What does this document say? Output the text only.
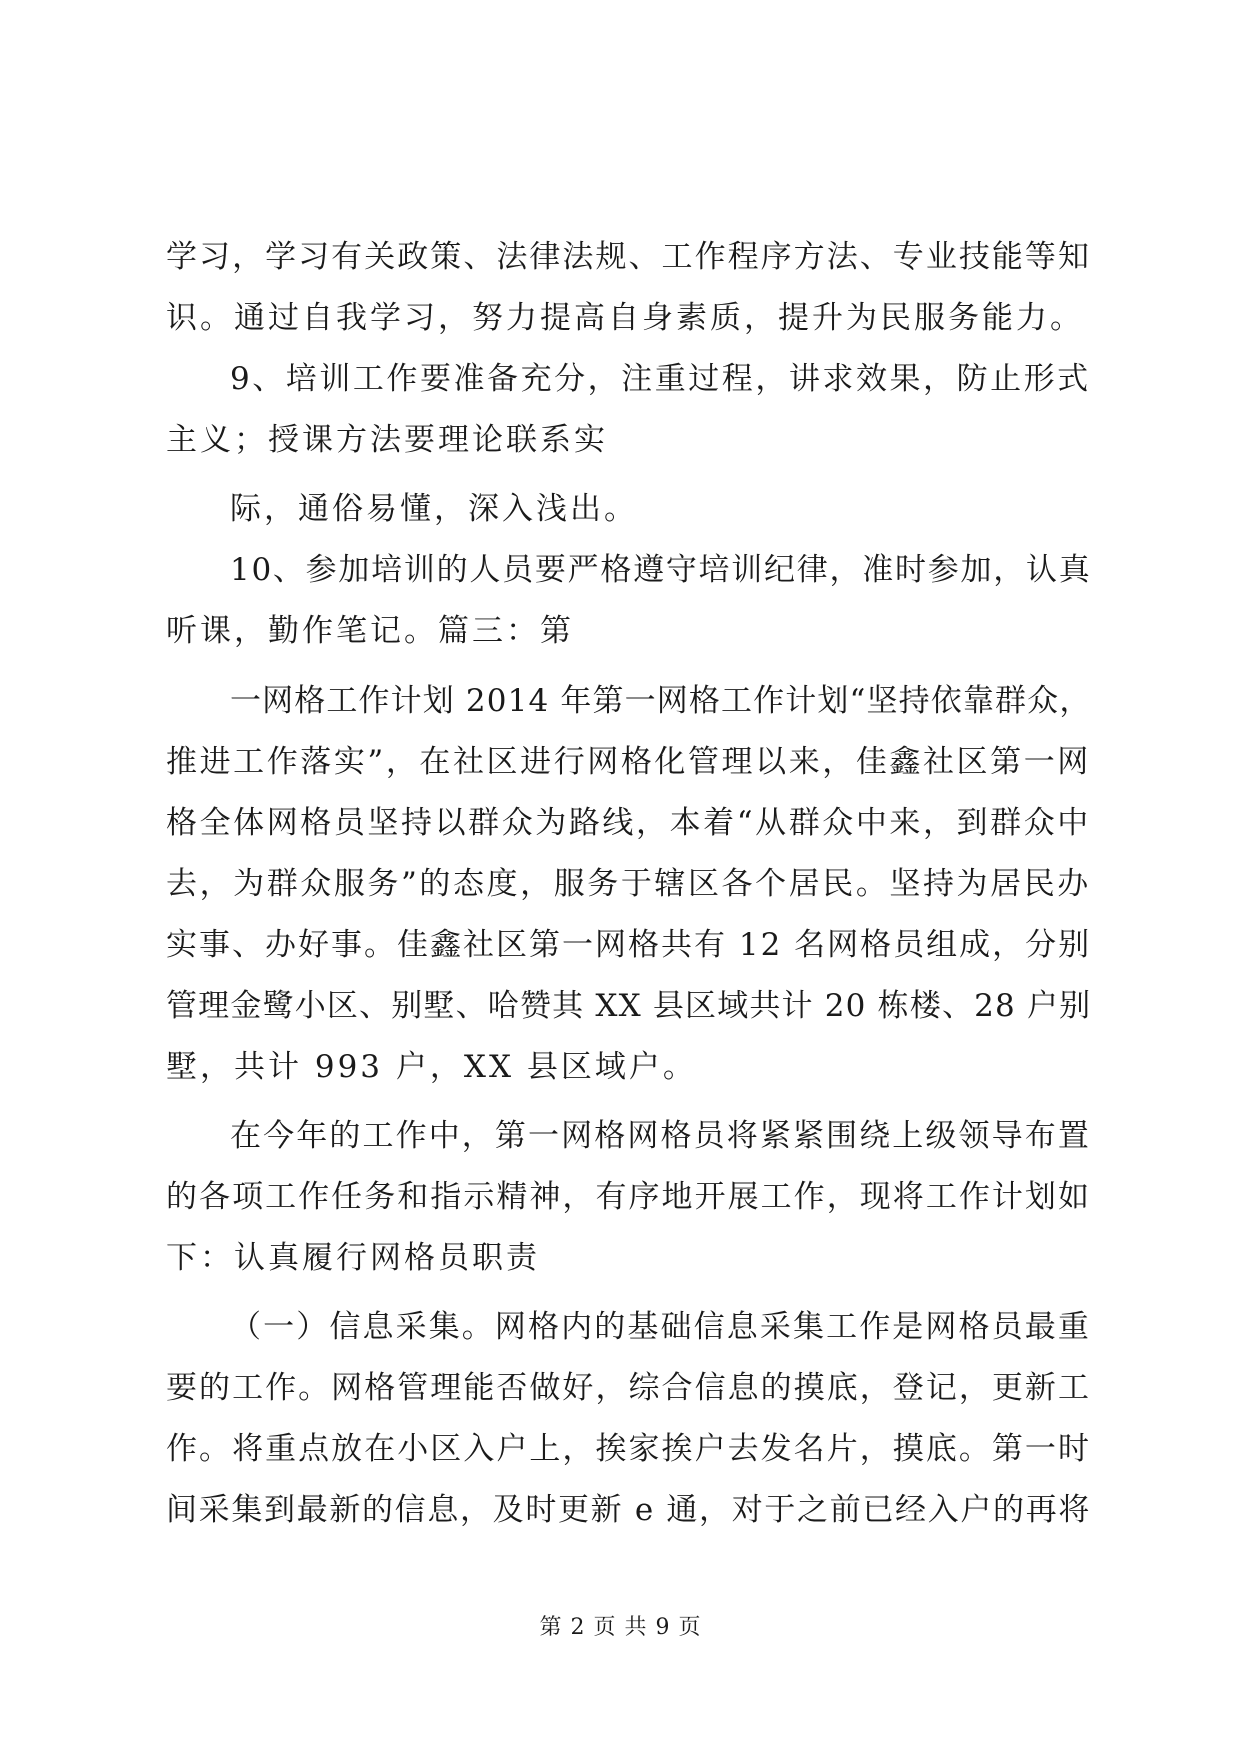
学习，学习有关政策、法律法规、工作程序方法、专业技能等知
识。通过自我学习，努力提高自身素质，提升为民服务能力。
9、培训工作要准备充分，注重过程，讲求效果，防止形式
主义；授课方法要理论联系实
际，通俗易懂，深入浅出。
10、参加培训的人员要严格遵守培训纪律，准时参加，认真
听课，勤作笔记。篇三：第
一网格工作计划 2014 年第一网格工作计划“坚持依靠群众，
推进工作落实”，在社区进行网格化管理以来，佳鑫社区第一网
格全体网格员坚持以群众为路线，本着“从群众中来，到群众中
去，为群众服务”的态度，服务于辖区各个居民。坚持为居民办
实事、办好事。佳鑫社区第一网格共有 12 名网格员组成，分别
管理金鹭小区、别墅、哈赞其 XX 县区域共计 20 栋楼、28 户别
墅，共计 993 户，XX 县区域户。
在今年的工作中，第一网格网格员将紧紧围绕上级领导布置
的各项工作任务和指示精神，有序地开展工作，现将工作计划如
下：认真履行网格员职责
（一）信息采集。网格内的基础信息采集工作是网格员最重
要的工作。网格管理能否做好，综合信息的摸底，登记，更新工
作。将重点放在小区入户上，挨家挨户去发名片，摸底。第一时
间采集到最新的信息，及时更新 e 通，对于之前已经入户的再将
第 2 页 共 9 页
